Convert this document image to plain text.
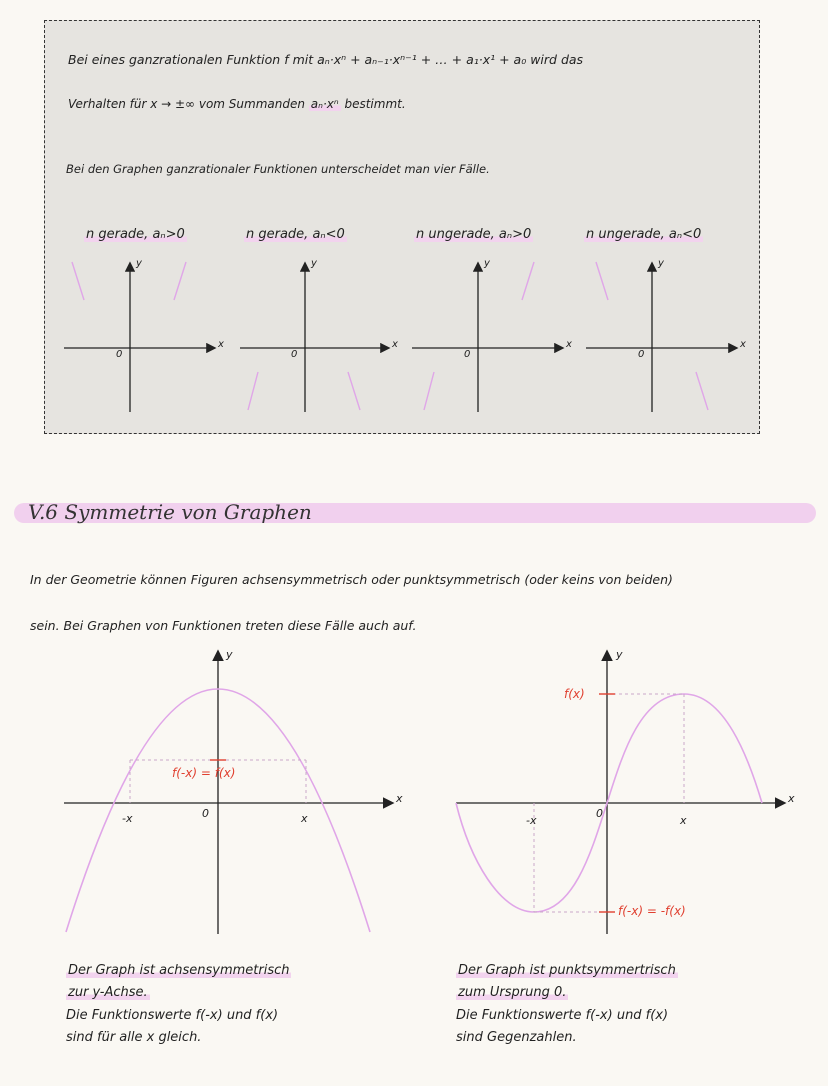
Bei eines ganzrationalen Funktion f mit aₙ·xⁿ + aₙ₋₁·xⁿ⁻¹ + … + a₁·x¹ + a₀ wird das
Verhalten für x → ±∞ vom Summanden aₙ·xⁿ bestimmt.
Bei den Graphen ganzrationaler Funktionen unterscheidet man vier Fälle.
n gerade, aₙ>0	n gerade, aₙ<0	n ungerade, aₙ>0	n ungerade, aₙ<0
y
x
0
y
x
0
y
x
0
y
x
0
V.6 Symmetrie von Graphen
In der Geometrie können Figuren achsensymmetrisch oder punktsymmetrisch (oder keins von beiden)
sein. Bei Graphen von Funktionen treten diese Fälle auch auf.
y
x
0
-x	x
f(-x) = f(x)
y
x
0
-x	x
f(x)
f(-x) = -f(x)
Der Graph ist achsensymmetrisch
zur y-Achse.
Die Funktionswerte f(-x) und f(x)
sind für alle x gleich.
Der Graph ist punktsymmertrisch
zum Ursprung 0.
Die Funktionswerte f(-x) und f(x)
sind Gegenzahlen.
